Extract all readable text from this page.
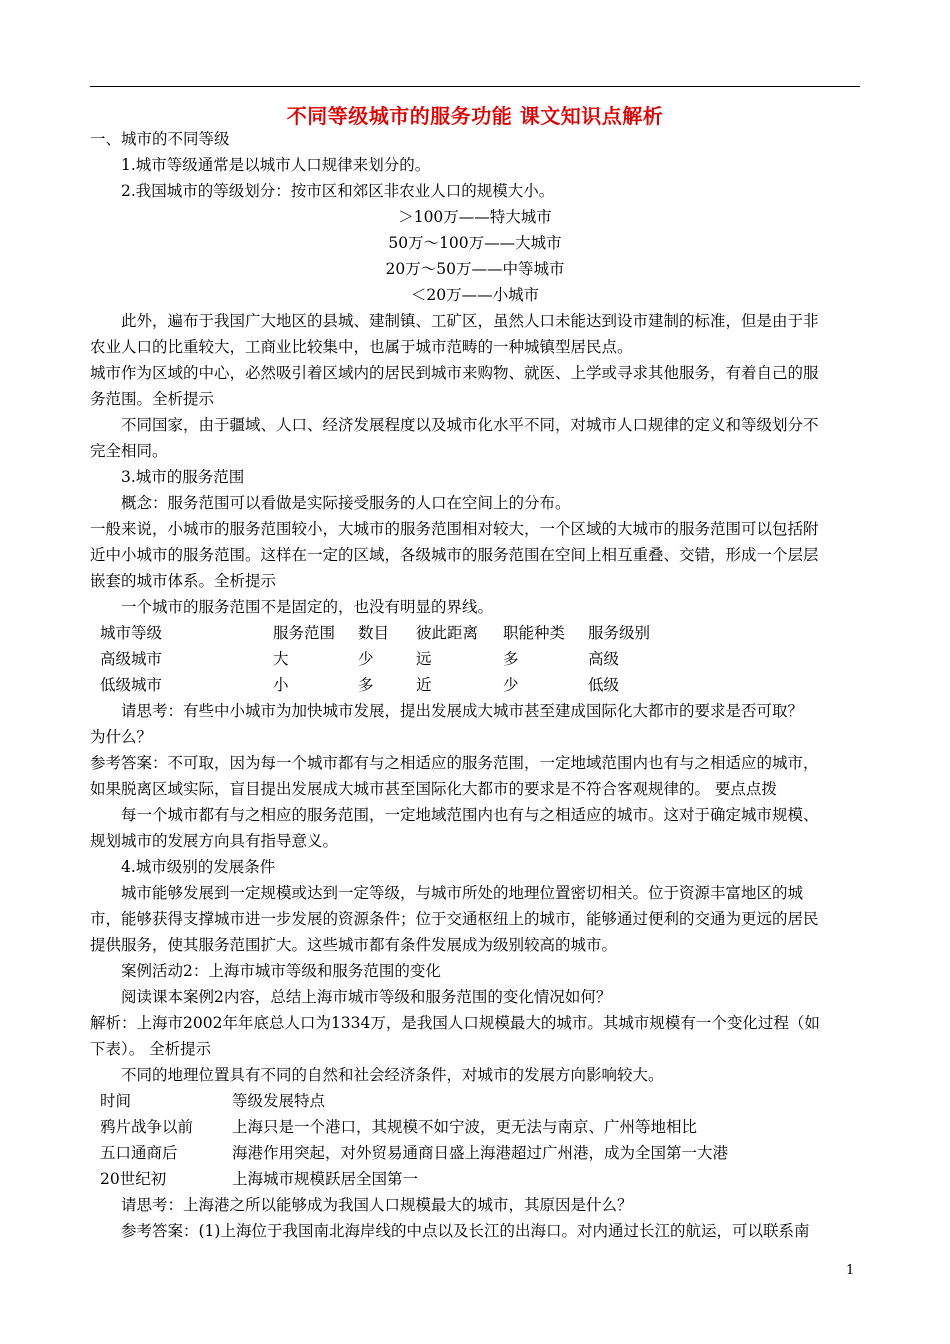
不同等级城市的服务功能 课文知识点解析
一、城市的不同等级
1.城市等级通常是以城市人口规律来划分的。
2.我国城市的等级划分：按市区和郊区非农业人口的规模大小。
＞100万——特大城市
50万～100万——大城市
20万～50万——中等城市
＜20万——小城市
此外，遍布于我国广大地区的县城、建制镇、工矿区，虽然人口未能达到设市建制的标准，但是由于非
农业人口的比重较大，工商业比较集中，也属于城市范畴的一种城镇型居民点。
城市作为区域的中心，必然吸引着区域内的居民到城市来购物、就医、上学或寻求其他服务，有着自己的服
务范围。全析提示
不同国家，由于疆域、人口、经济发展程度以及城市化水平不同，对城市人口规律的定义和等级划分不
完全相同。
3.城市的服务范围
概念：服务范围可以看做是实际接受服务的人口在空间上的分布。
一般来说，小城市的服务范围较小，大城市的服务范围相对较大，一个区域的大城市的服务范围可以包括附
近中小城市的服务范围。这样在一定的区域，各级城市的服务范围在空间上相互重叠、交错，形成一个层层
嵌套的城市体系。全析提示
一个城市的服务范围不是固定的，也没有明显的界线。
城市等级	服务范围 数目 彼此距离 职能种类 服务级别
高级城市	大	少	远	多	高级
低级城市	小	多	近	少	低级
请思考：有些中小城市为加快城市发展，提出发展成大城市甚至建成国际化大都市的要求是否可取？
为什么？
参考答案：不可取，因为每一个城市都有与之相适应的服务范围，一定地域范围内也有与之相适应的城市，
如果脱离区域实际，盲目提出发展成大城市甚至国际化大都市的要求是不符合客观规律的。 要点点拨
每一个城市都有与之相应的服务范围，一定地域范围内也有与之相适应的城市。这对于确定城市规模、
规划城市的发展方向具有指导意义。
4.城市级别的发展条件
城市能够发展到一定规模或达到一定等级，与城市所处的地理位置密切相关。位于资源丰富地区的城
市，能够获得支撑城市进一步发展的资源条件；位于交通枢纽上的城市，能够通过便利的交通为更远的居民
提供服务，使其服务范围扩大。这些城市都有条件发展成为级别较高的城市。
案例活动2：上海市城市等级和服务范围的变化
阅读课本案例2内容，总结上海市城市等级和服务范围的变化情况如何？
解析：上海市2002年年底总人口为1334万，是我国人口规模最大的城市。其城市规模有一个变化过程（如
下表）。 全析提示
不同的地理位置具有不同的自然和社会经济条件，对城市的发展方向影响较大。
时间	等级发展特点
鸦片战争以前	上海只是一个港口，其规模不如宁波，更无法与南京、广州等地相比
五口通商后	海港作用突起，对外贸易通商日盛上海港超过广州港，成为全国第一大港
20世纪初	上海城市规模跃居全国第一
请思考：上海港之所以能够成为我国人口规模最大的城市，其原因是什么？
参考答案：(1)上海位于我国南北海岸线的中点以及长江的出海口。对内通过长江的航运，可以联系南
1
